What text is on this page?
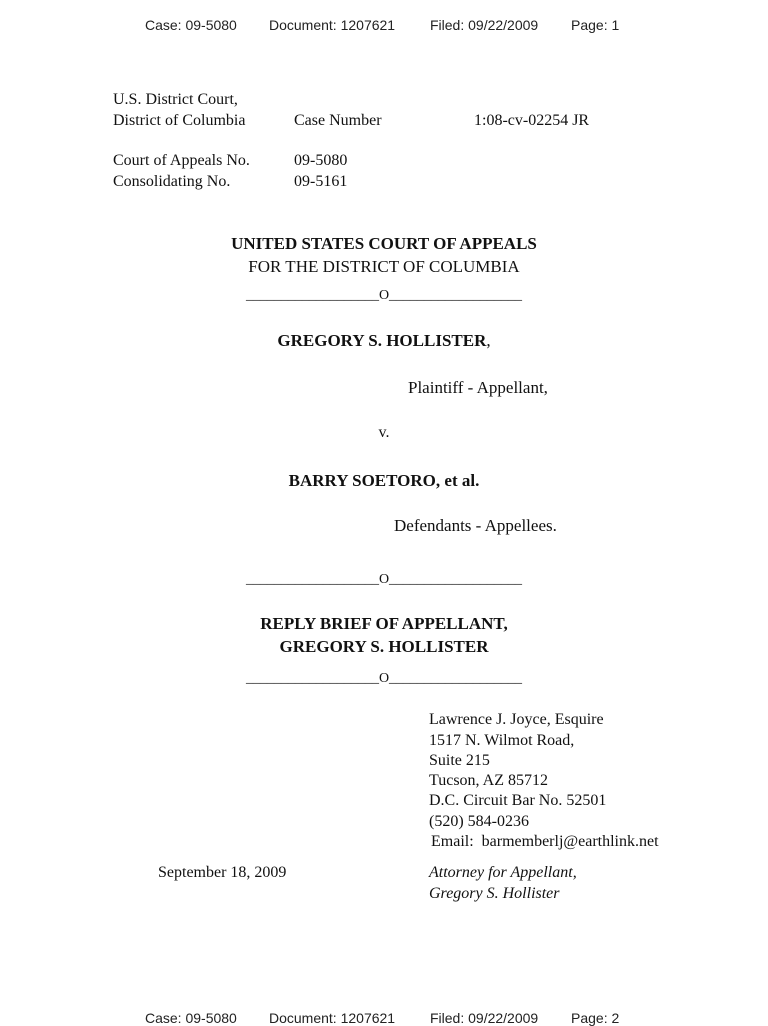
Case: 09-5080 Document: 1207621 Filed: 09/22/2009 Page: 1
U.S. District Court,
District of Columbia	Case Number	1:08-cv-02254 JR
Court of Appeals No.	09-5080
Consolidating No.	09-5161
UNITED STATES COURT OF APPEALS
FOR THE DISTRICT OF COLUMBIA
___________________O___________________
GREGORY S. HOLLISTER,
Plaintiff - Appellant,
v.
BARRY SOETORO, et al.
Defendants - Appellees.
___________________O___________________
REPLY BRIEF OF APPELLANT,
GREGORY S. HOLLISTER
___________________O___________________
Lawrence J. Joyce, Esquire
1517 N. Wilmot Road,
Suite 215
Tucson, AZ 85712
D.C. Circuit Bar No. 52501
(520) 584-0236
Email:  barmemberlj@earthlink.net
September 18, 2009	Attorney for Appellant,
Gregory S. Hollister
Case: 09-5080 Document: 1207621 Filed: 09/22/2009 Page: 2
